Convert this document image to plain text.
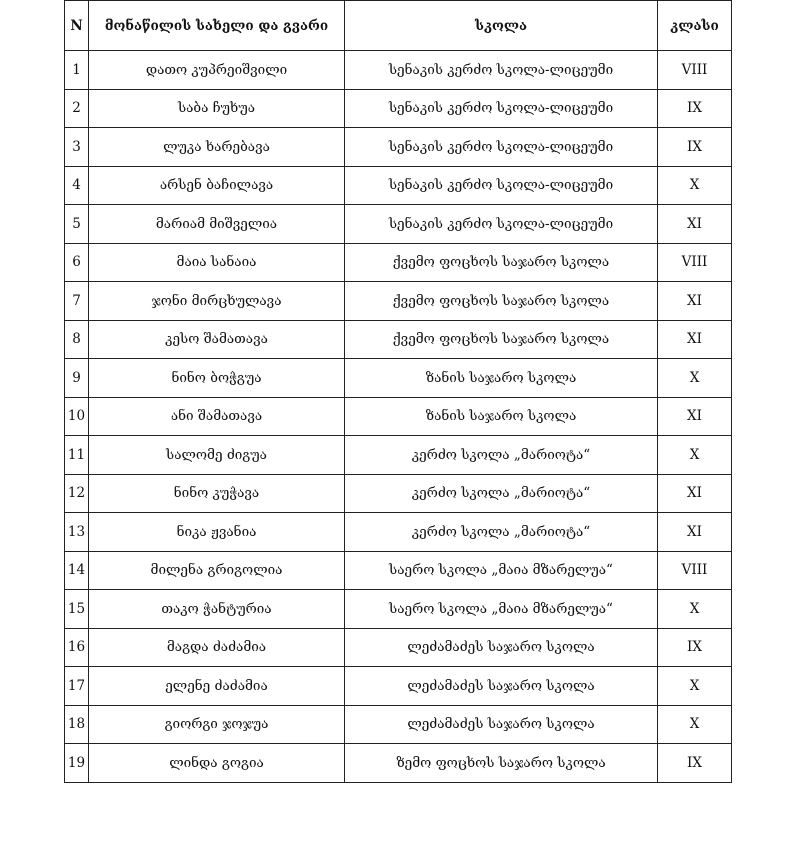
N	მონაწილის სახელი და გვარი	სკოლა	კლასი
1	დათო კუპრეიშვილი	სენაკის კერძო სკოლა-ლიცეუმი	VIII
2	საბა ჩუხუა	სენაკის კერძო სკოლა-ლიცეუმი	IX
3	ლუკა ხარებავა	სენაკის კერძო სკოლა-ლიცეუმი	IX
4	არსენ ბაჩილავა	სენაკის კერძო სკოლა-ლიცეუმი	X
5	მარიამ მიშველია	სენაკის კერძო სკოლა-ლიცეუმი	XI
6	მაია სანაია	ქვემო ფოცხოს საჯარო სკოლა	VIII
7	ჯონი მირცხულავა	ქვემო ფოცხოს საჯარო სკოლა	XI
8	კესო შამათავა	ქვემო ფოცხოს საჯარო სკოლა	XI
9	ნინო ბოჭგუა	ზანის საჯარო სკოლა	X
10	ანი შამათავა	ზანის საჯარო სკოლა	XI
11	სალომე ძიგუა	კერძო სკოლა „მარიოტა“	X
12	ნინო კუჭავა	კერძო სკოლა „მარიოტა“	XI
13	ნიკა ჟვანია	კერძო სკოლა „მარიოტა“	XI
14	მილენა გრიგოლია	საერო სკოლა „მაია მზარელუა“	VIII
15	თაკო ჭანტურია	საერო სკოლა „მაია მზარელუა“	X
16	მაგდა ძაძამია	ლეძამაძეს საჯარო სკოლა	IX
17	ელენე ძაძამია	ლეძამაძეს საჯარო სკოლა	X
18	გიორგი ჯოჯუა	ლეძამაძეს საჯარო სკოლა	X
19	ლინდა გოგია	ზემო ფოცხოს საჯარო სკოლა	IX
